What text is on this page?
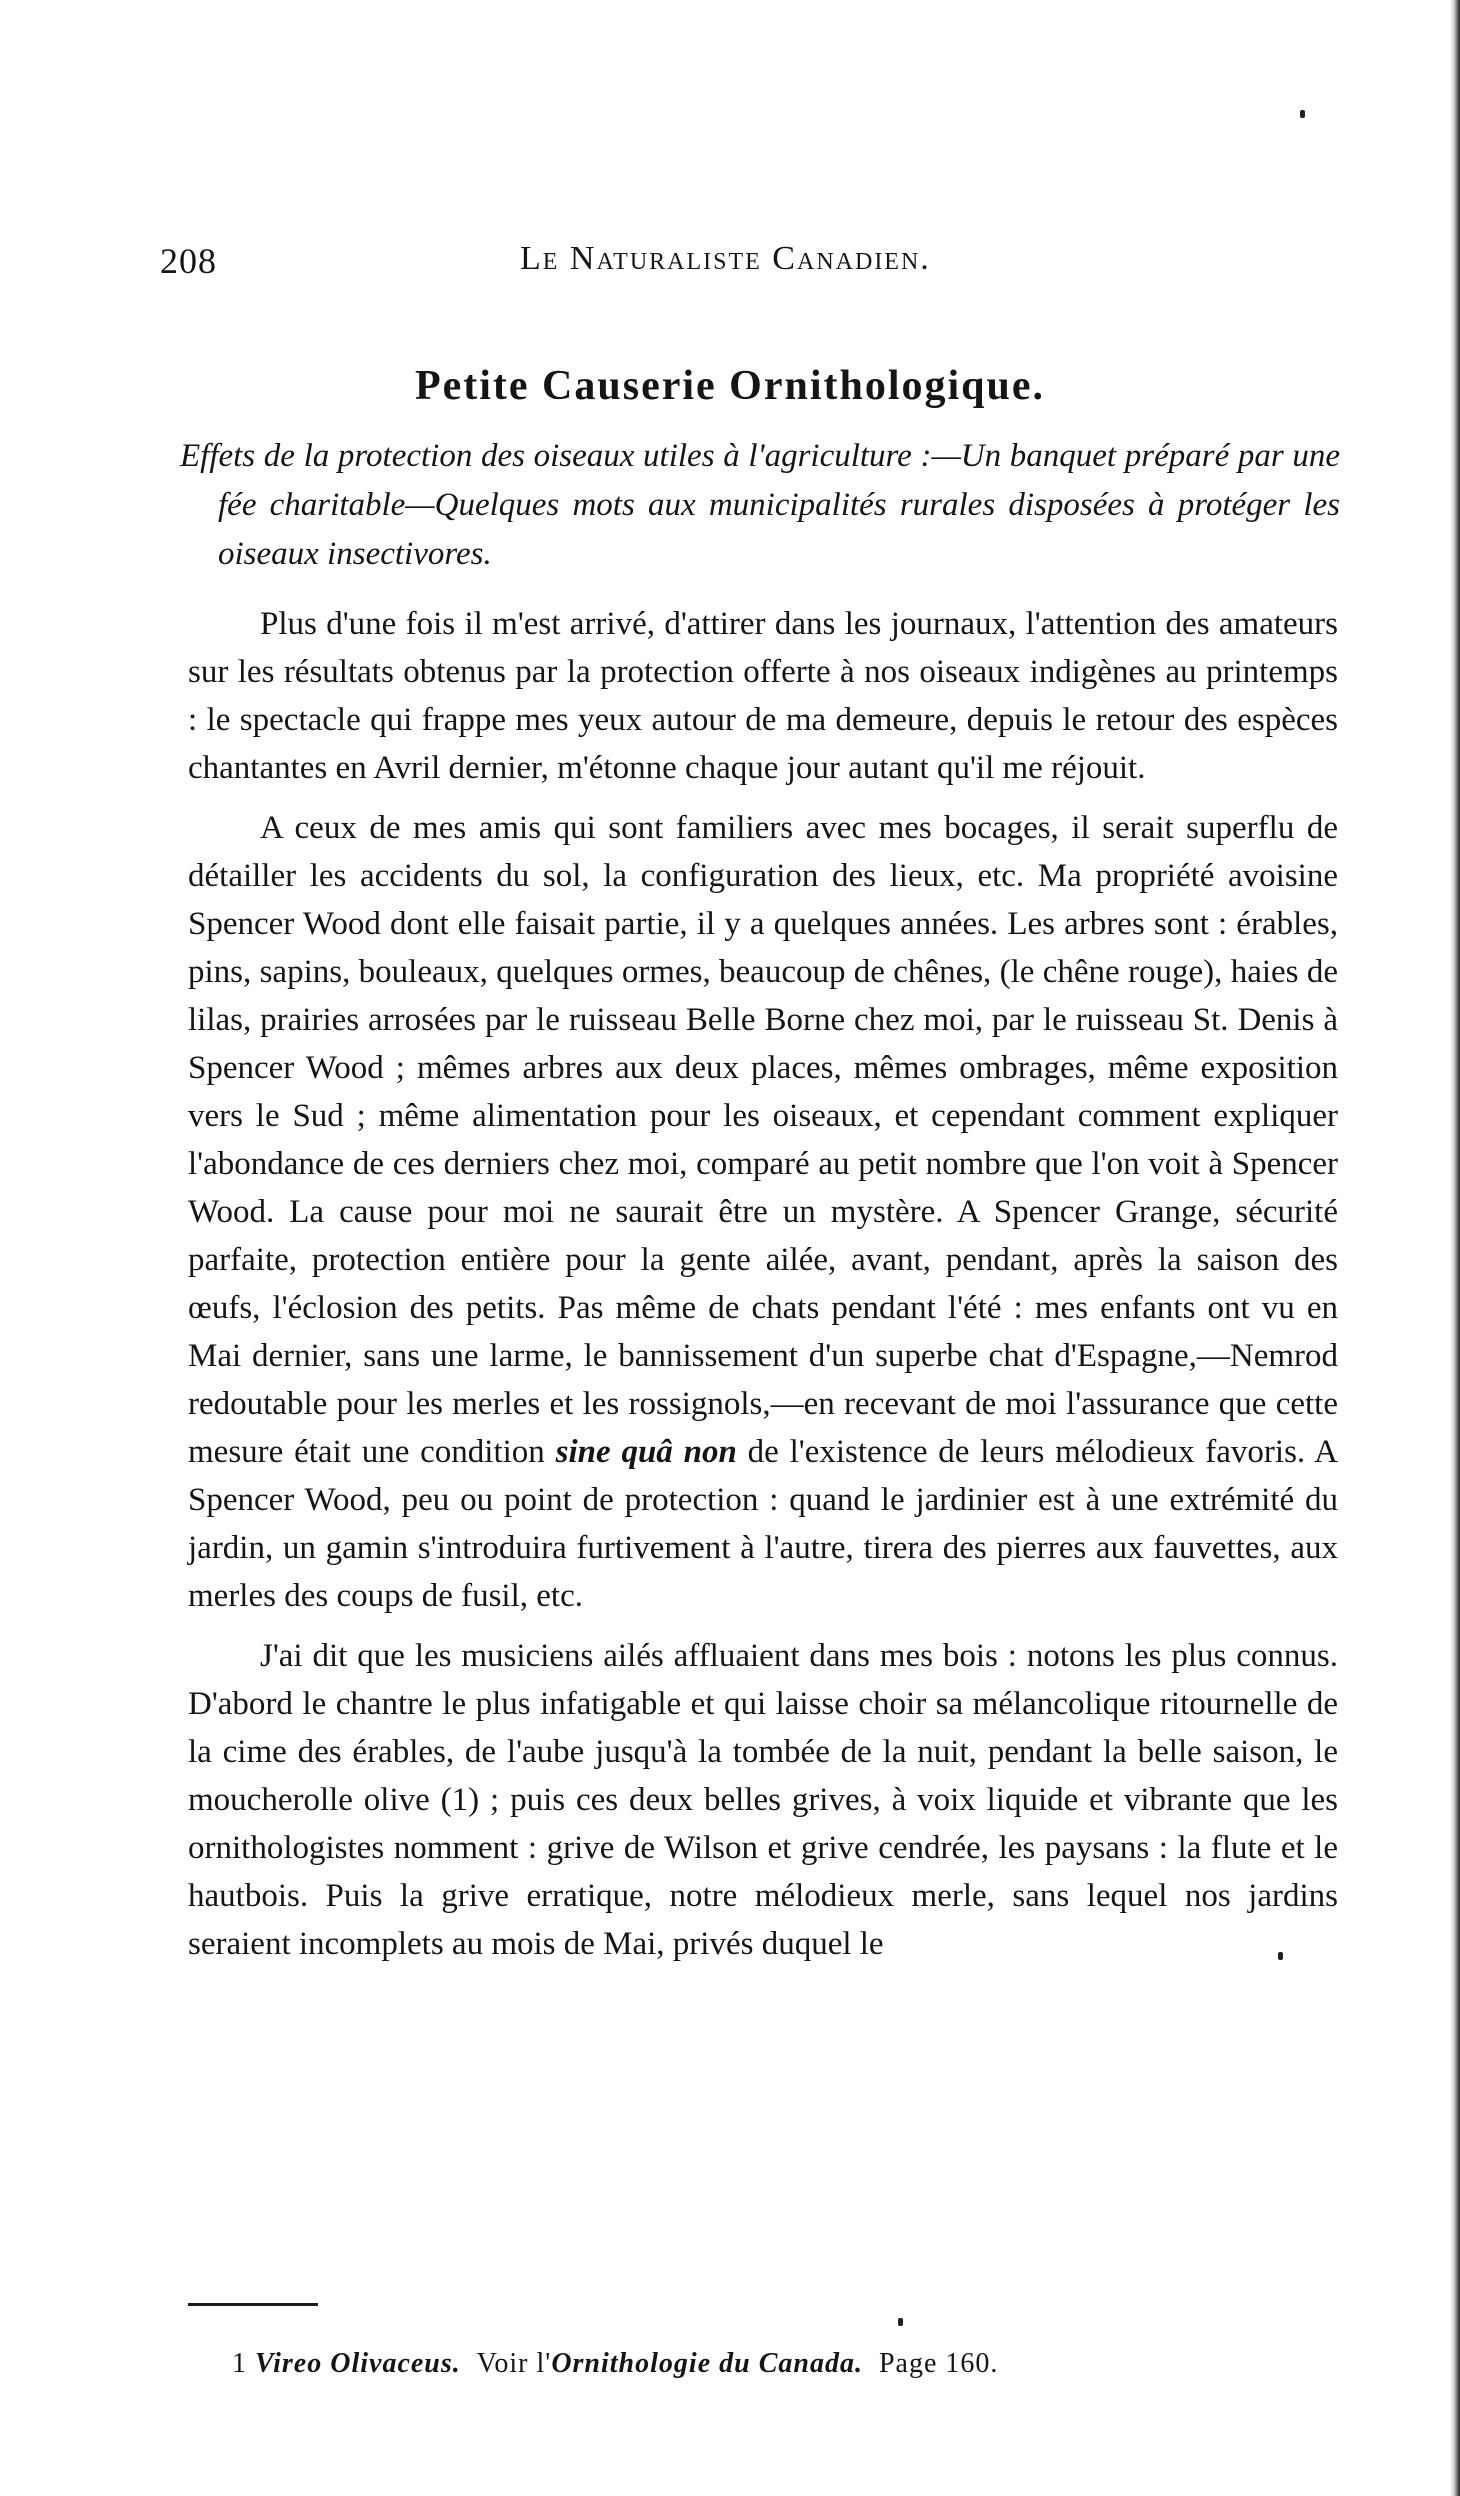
208	Le Naturaliste Canadien.
Petite Causerie Ornithologique.
Effets de la protection des oiseaux utiles à l'agriculture :—Un banquet préparé par une fée charitable—Quelques mots aux municipalités rurales disposées à protéger les oiseaux insectivores.

Plus d'une fois il m'est arrivé, d'attirer dans les journaux, l'attention des amateurs sur les résultats obtenus par la protection offerte à nos oiseaux indigènes au printemps : le spectacle qui frappe mes yeux autour de ma demeure, depuis le retour des espèces chantantes en Avril dernier, m'étonne chaque jour autant qu'il me réjouit.

A ceux de mes amis qui sont familiers avec mes bocages, il serait superflu de détailler les accidents du sol, la configuration des lieux, etc. Ma propriété avoisine Spencer Wood dont elle faisait partie, il y a quelques années. Les arbres sont : érables, pins, sapins, bouleaux, quelques ormes, beaucoup de chênes, (le chêne rouge), haies de lilas, prairies arrosées par le ruisseau Belle Borne chez moi, par le ruisseau St. Denis à Spencer Wood ; mêmes arbres aux deux places, mêmes ombrages, même exposition vers le Sud ; même alimentation pour les oiseaux, et cependant comment expliquer l'abondance de ces derniers chez moi, comparé au petit nombre que l'on voit à Spencer Wood. La cause pour moi ne saurait être un mystère. A Spencer Grange, sécurité parfaite, protection entière pour la gente ailée, avant, pendant, après la saison des œufs, l'éclosion des petits. Pas même de chats pendant l'été : mes enfants ont vu en Mai dernier, sans une larme, le bannissement d'un superbe chat d'Espagne,—Nemrod redoutable pour les merles et les rossignols,—en recevant de moi l'assurance que cette mesure était une condition sine quâ non de l'existence de leurs mélodieux favoris. A Spencer Wood, peu ou point de protection : quand le jardinier est à une extrémité du jardin, un gamin s'introduira furtivement à l'autre, tirera des pierres aux fauvettes, aux merles des coups de fusil, etc.

J'ai dit que les musiciens ailés affluaient dans mes bois : notons les plus connus. D'abord le chantre le plus infatigable et qui laisse choir sa mélancolique ritournelle de la cime des érables, de l'aube jusqu'à la tombée de la nuit, pendant la belle saison, le moucherolle olive (1) ; puis ces deux belles grives, à voix liquide et vibrante que les ornithologistes nomment : grive de Wilson et grive cendrée, les paysans : la flute et le hautbois. Puis la grive erratique, notre mélodieux merle, sans lequel nos jardins seraient incomplets au mois de Mai, privés duquel le

1 Vireo Olivaceus. Voir l'Ornithologie du Canada. Page 160.
